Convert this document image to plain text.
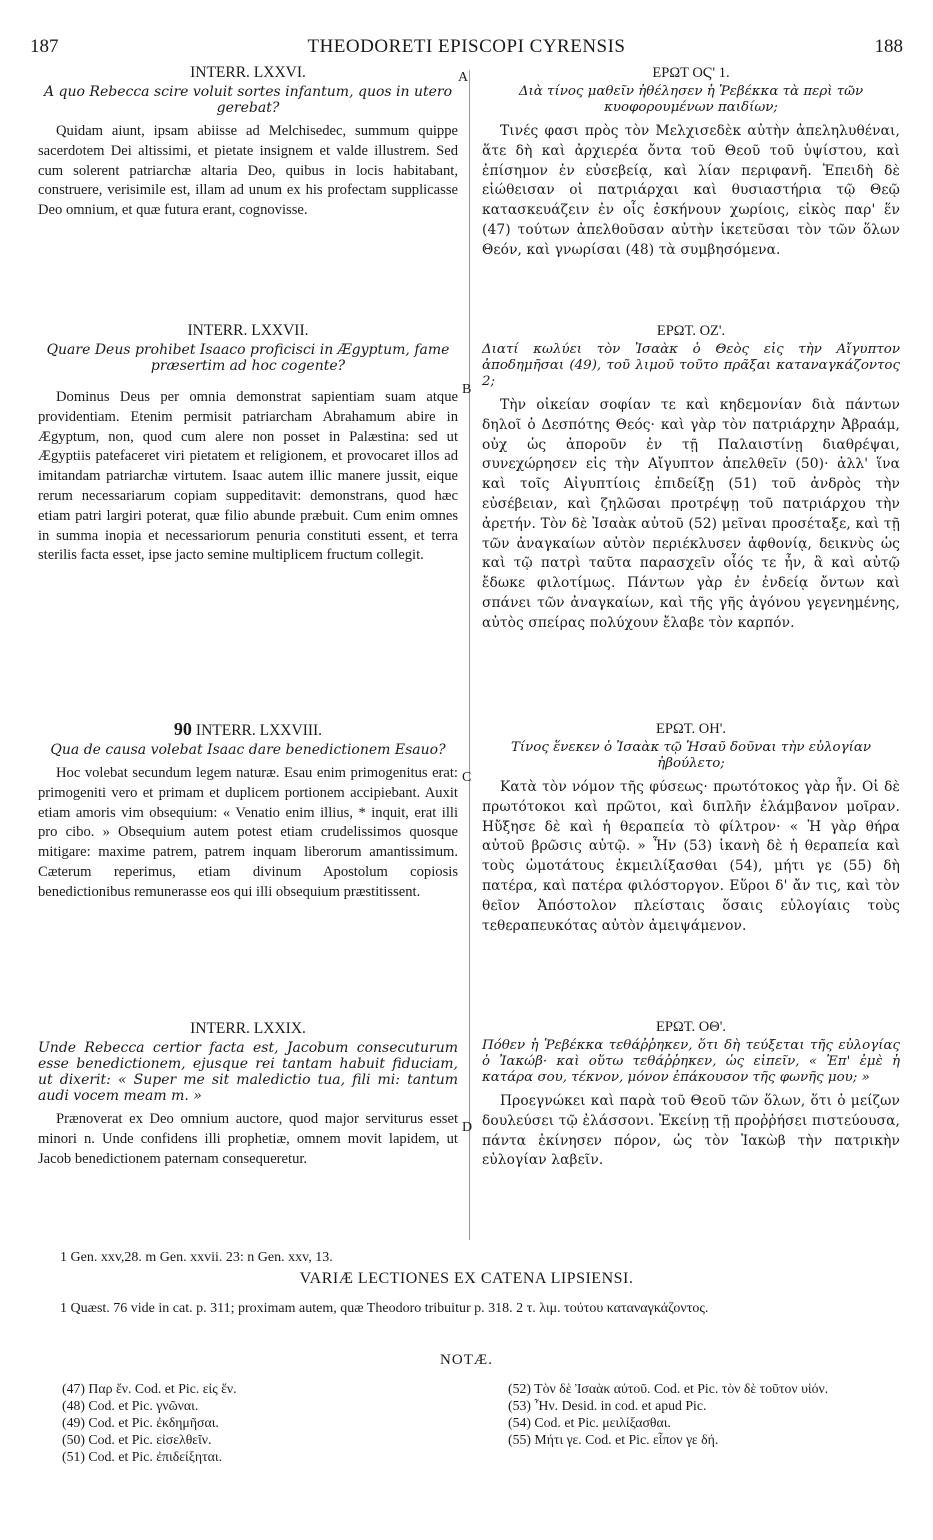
187	THEODORETI EPISCOPI CYRENSIS	188
A
B
C
D
INTERR. LXXVI.
A quo Rebecca scire voluit sortes infantum, quos in utero gerebat?

Quidam aiunt, ipsam abiisse ad Melchisedec, summum quippe sacerdotem Dei altissimi, et pietate insignem et valde illustrem. Sed cum solerent patriarchæ altaria Deo, quibus in locis habitabant, construere, verisimile est, illam ad unum ex his profectam supplicasse Deo omnium, et quæ futura erant, cognovisse.

INTERR. LXXVII.
Quare Deus prohibet Isaaco proficisci in Ægyptum, fame præsertim ad hoc cogente?

Dominus Deus per omnia demonstrat sapientiam suam atque providentiam. Etenim permisit patriarcham Abrahamum abire in Ægyptum, non, quod cum alere non posset in Palæstina: sed ut Ægyptiis patefaceret viri pietatem et religionem, et provocaret illos ad imitandam patriarchæ virtutem. Isaac autem illic manere jussit, eique rerum necessariarum copiam suppeditavit: demonstrans, quod hæc etiam patri largiri poterat, quæ filio abunde præbuit. Cum enim omnes in summa inopia et necessariorum penuria constituti essent, et terra sterilis facta esset, ipse jacto semine multiplicem fructum collegit.

90 INTERR. LXXVIII.
Qua de causa volebat Isaac dare benedictionem Esauo?

Hoc volebat secundum legem naturæ. Esau enim primogenitus erat: primogeniti vero et primam et duplicem portionem accipiebant. Auxit etiam amoris vim obsequium: « Venatio enim illius, * inquit, erat illi pro cibo. » Obsequium autem potest etiam crudelissimos quosque mitigare: maxime patrem, patrem inquam liberorum amantissimum. Cæterum reperimus, etiam divinum Apostolum copiosis benedictionibus remunerasse eos qui illi obsequium præstitissent.

INTERR. LXXIX.
Unde Rebecca certior facta est, Jacobum consecuturum esse benedictionem, ejusque rei tantam habuit fiduciam, ut dixerit: « Super me sit maledictio tua, fili mi: tantum audi vocem meam m. »

Prænoverat ex Deo omnium auctore, quod major serviturus esset minori n. Unde confidens illi prophetiæ, omnem movit lapidem, ut Jacob benedictionem paternam consequeretur.

ΕΡΩΤ ΟϚ' 1.
Διὰ τίνος μαθεῖν ἠθέλησεν ἡ Ῥεβέκκα τὰ περὶ τῶν κυοφορουμένων παιδίων;

Τινές φασι πρὸς τὸν Μελχισεδὲκ αὐτὴν ἀπεληλυθέναι, ἅτε δὴ καὶ ἀρχιερέα ὄντα τοῦ Θεοῦ τοῦ ὑψίστου, καὶ ἐπίσημον ἐν εὐσεβείᾳ, καὶ λίαν περιφανῆ. Ἐπειδὴ δὲ εἰώθεισαν οἱ πατριάρχαι καὶ θυσιαστήρια τῷ Θεῷ κατασκευάζειν ἐν οἷς ἐσκήνουν χωρίοις, εἰκὸς παρ' ἕν (47) τούτων ἀπελθοῦσαν αὐτὴν ἱκετεῦσαι τὸν τῶν ὅλων Θεόν, καὶ γνωρίσαι (48) τὰ συμβησόμενα.

ΕΡΩΤ. ΟΖ'.
Διατί κωλύει τὸν Ἰσαὰκ ὁ Θεὸς εἰς τὴν Αἴγυπτον ἀποδημῆσαι (49), τοῦ λιμοῦ τοῦτο πρᾶξαι καταναγκάζοντος 2;

Τὴν οἰκείαν σοφίαν τε καὶ κηδεμονίαν διὰ πάντων δηλοῖ ὁ Δεσπότης Θεός· καὶ γὰρ τὸν πατριάρχην Ἀβραάμ, οὐχ ὡς ἀποροῦν ἐν τῇ Παλαιστίνῃ διαθρέψαι, συνεχώρησεν εἰς τὴν Αἴγυπτον ἀπελθεῖν (50)· ἀλλ' ἵνα καὶ τοῖς Αἰγυπτίοις ἐπιδείξῃ (51) τοῦ ἀνδρὸς τὴν εὐσέβειαν, καὶ ζηλῶσαι προτρέψῃ τοῦ πατριάρχου τὴν ἀρετήν. Τὸν δὲ Ἰσαὰκ αὐτοῦ (52) μεῖναι προσέταξε, καὶ τῇ τῶν ἀναγκαίων αὐτὸν περιέκλυσεν ἀφθονίᾳ, δεικνὺς ὡς καὶ τῷ πατρὶ ταῦτα παρασχεῖν οἷός τε ἦν, ἃ καὶ αὐτῷ ἔδωκε φιλοτίμως. Πάντων γὰρ ἐν ἐνδείᾳ ὄντων καὶ σπάνει τῶν ἀναγκαίων, καὶ τῆς γῆς ἀγόνου γεγενημένης, αὐτὸς σπείρας πολύχουν ἔλαβε τὸν καρπόν.

ΕΡΩΤ. ΟΗ'.
Τίνος ἕνεκεν ὁ Ἰσαὰκ τῷ Ἡσαῦ δοῦναι τὴν εὐλογίαν ἠβούλετο;

Κατὰ τὸν νόμον τῆς φύσεως· πρωτότοκος γὰρ ἦν. Οἱ δὲ πρωτότοκοι καὶ πρῶτοι, καὶ διπλῆν ἐλάμβανον μοῖραν. Ηὔξησε δὲ καὶ ἡ θεραπεία τὸ φίλτρον· « Ἡ γὰρ θήρα αὐτοῦ βρῶσις αὐτῷ. » Ἦν (53) ἱκανὴ δὲ ἡ θεραπεία καὶ τοὺς ὠμοτάτους ἐκμειλίξασθαι (54), μήτι γε (55) δὴ πατέρα, καὶ πατέρα φιλόστοργον. Εὕροι δ' ἄν τις, καὶ τὸν θεῖον Ἀπόστολον πλείσταις ὅσαις εὐλογίαις τοὺς τεθεραπευκότας αὐτὸν ἀμειψάμενον.

ΕΡΩΤ. ΟΘ'.
Πόθεν ἡ Ῥεβέκκα τεθάῤῥηκεν, ὅτι δὴ τεύξεται τῆς εὐλογίας ὁ Ἰακώβ· καὶ οὕτω τεθάῤῥηκεν, ὡς εἰπεῖν, « Ἐπ' ἐμὲ ἡ κατάρα σου, τέκνον, μόνον ἐπάκουσον τῆς φωνῆς μου; »

Προεγνώκει καὶ παρὰ τοῦ Θεοῦ τῶν ὅλων, ὅτι ὁ μείζων δουλεύσει τῷ ἐλάσσονι. Ἐκείνῃ τῇ προῤῥήσει πιστεύουσα, πάντα ἐκίνησεν πόρον, ὡς τὸν Ἰακὼβ τὴν πατρικὴν εὐλογίαν λαβεῖν.

1 Gen. xxv,28. m Gen. xxvii. 23: n Gen. xxv, 13.
VARIÆ LECTIONES EX CATENA LIPSIENSI.
1 Quæst. 76 vide in cat. p. 311; proximam autem, quæ Theodoro tribuitur p. 318. 2 τ. λιμ. τούτου καταναγκάζοντος.
NOTÆ.
(47) Παρ ἕν. Cod. et Pic. εἰς ἕν.
(48) Cod. et Pic. γνῶναι.
(49) Cod. et Pic. ἐκδημῆσαι.
(50) Cod. et Pic. εἰσελθεῖν.
(51) Cod. et Pic. ἐπιδείξηται.
(52) Τὸν δὲ Ἰσαὰκ αὐτοῦ. Cod. et Pic. τὸν δὲ τοῦτον υἱόν.
(53) Ἦν. Desid. in cod. et apud Pic.
(54) Cod. et Pic. μειλίξασθαι.
(55) Μήτι γε. Cod. et Pic. εἶπον γε δή.
